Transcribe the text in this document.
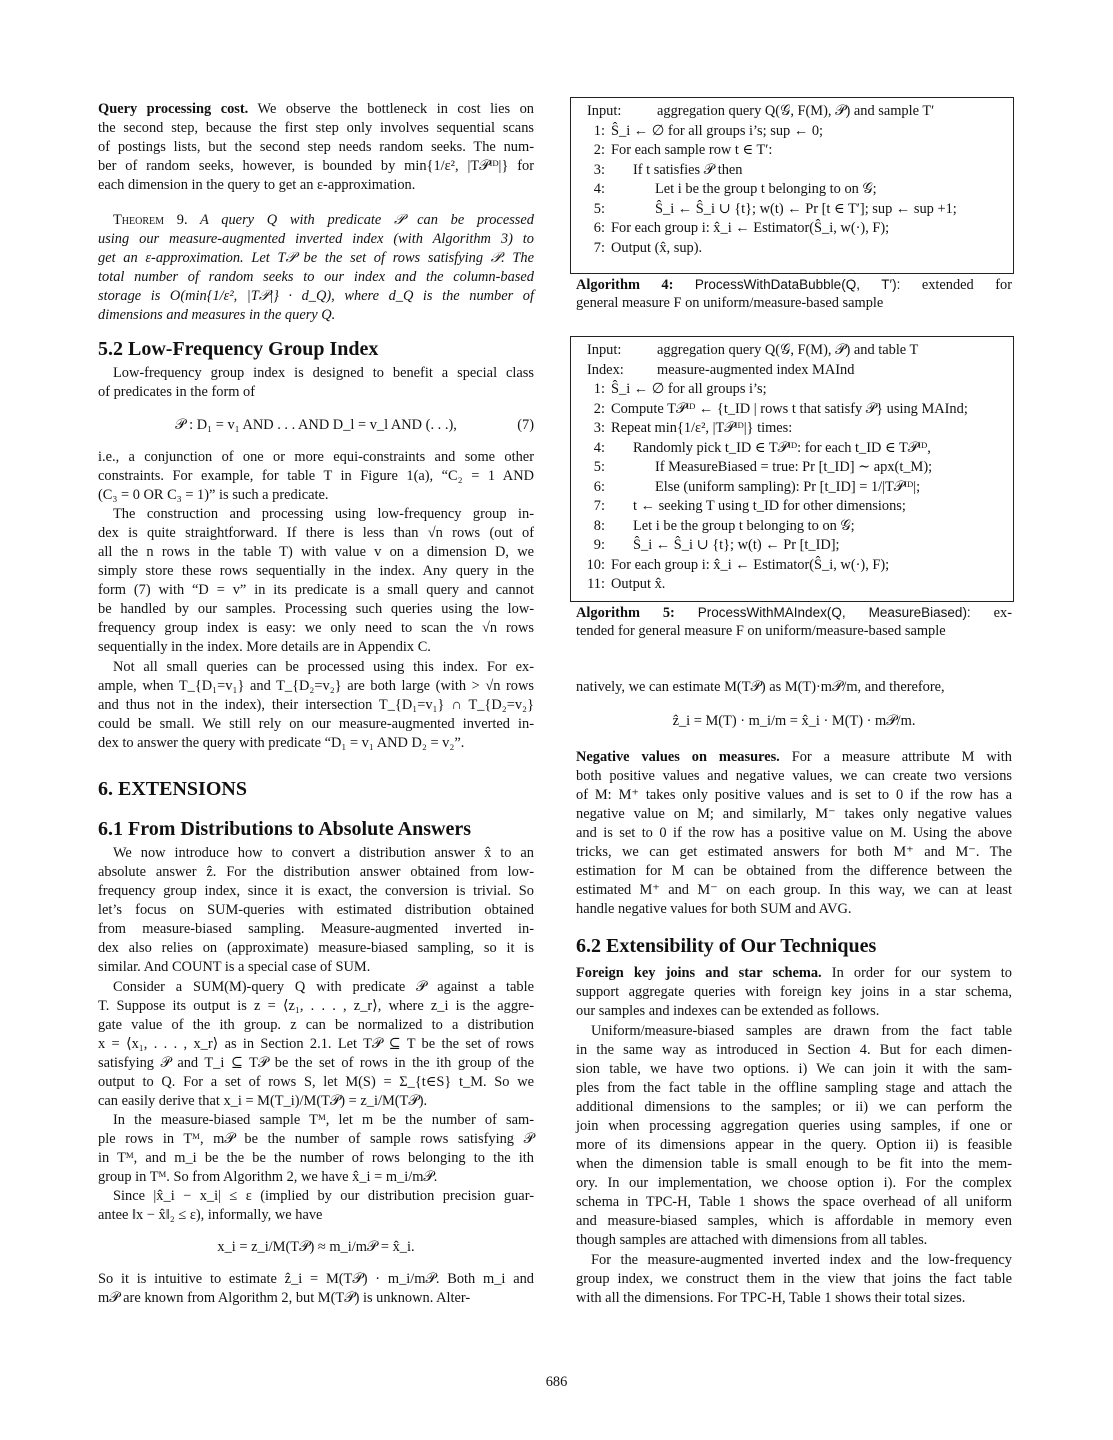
Query processing cost. We observe the bottleneck in cost lies on
the second step, because the first step only involves sequential scans
of postings lists, but the second step needs random seeks. The num-
ber of random seeks, however, is bounded by min{1/ε², |T𝒫ᴵᴰ|} for
each dimension in the query to get an ε-approximation.
Theorem 9. A query Q with predicate 𝒫 can be processed
using our measure-augmented inverted index (with Algorithm 3) to
get an ε-approximation. Let T𝒫 be the set of rows satisfying 𝒫. The
total number of random seeks to our index and the column-based
storage is O(min{1/ε², |T𝒫|} · d_Q), where d_Q is the number of
dimensions and measures in the query Q.
5.2 Low-Frequency Group Index
Low-frequency group index is designed to benefit a special class
of predicates in the form of
𝒫 : D₁ = v₁ AND . . . AND D_l = v_l AND (. . .),	(7)
i.e., a conjunction of one or more equi-constraints and some other
constraints. For example, for table T in Figure 1(a), “C₂ = 1 AND
(C₃ = 0 OR C₃ = 1)” is such a predicate.
The construction and processing using low-frequency group in-
dex is quite straightforward. If there is less than √n rows (out of
all the n rows in the table T) with value v on a dimension D, we
simply store these rows sequentially in the index. Any query in the
form (7) with “D = v” in its predicate is a small query and cannot
be handled by our samples. Processing such queries using the low-
frequency group index is easy: we only need to scan the √n rows
sequentially in the index. More details are in Appendix C.
Not all small queries can be processed using this index. For ex-
ample, when T_{D₁=v₁} and T_{D₂=v₂} are both large (with > √n rows
and thus not in the index), their intersection T_{D₁=v₁} ∩ T_{D₂=v₂}
could be small. We still rely on our measure-augmented inverted in-
dex to answer the query with predicate “D₁ = v₁ AND D₂ = v₂”.
6. EXTENSIONS
6.1 From Distributions to Absolute Answers
We now introduce how to convert a distribution answer x̂ to an
absolute answer ẑ. For the distribution answer obtained from low-
frequency group index, since it is exact, the conversion is trivial. So
let’s focus on SUM-queries with estimated distribution obtained
from measure-biased sampling. Measure-augmented inverted in-
dex also relies on (approximate) measure-biased sampling, so it is
similar. And COUNT is a special case of SUM.
Consider a SUM(M)-query Q with predicate 𝒫 against a table
T. Suppose its output is z = ⟨z₁, . . . , z_r⟩, where z_i is the aggre-
gate value of the ith group. z can be normalized to a distribution
x = ⟨x₁, . . . , x_r⟩ as in Section 2.1. Let T𝒫 ⊆ T be the set of rows
satisfying 𝒫 and T_i ⊆ T𝒫 be the set of rows in the ith group of the
output to Q. For a set of rows S, let M(S) = Σ_{t∈S} t_M. So we
can easily derive that x_i = M(T_i)/M(T𝒫) = z_i/M(T𝒫).
In the measure-biased sample Tᴹ, let m be the number of sam-
ple rows in Tᴹ, m𝒫 be the number of sample rows satisfying 𝒫
in Tᴹ, and m_i be the be the number of rows belonging to the ith
group in Tᴹ. So from Algorithm 2, we have x̂_i = m_i/m𝒫.
Since |x̂_i − x_i| ≤ ε (implied by our distribution precision guar-
antee ‖x − x̂‖₂ ≤ ε), informally, we have
x_i = z_i/M(T𝒫) ≈ m_i/m𝒫 = x̂_i.
So it is intuitive to estimate ẑ_i = M(T𝒫) · m_i/m𝒫. Both m_i and
m𝒫 are known from Algorithm 2, but M(T𝒫) is unknown. Alter-
Input: aggregation query Q(𝒢, F(M), 𝒫) and sample T′
1: Ŝ_i ← ∅ for all groups i’s; sup ← 0;
2: For each sample row t ∈ T′:
3: If t satisfies 𝒫 then
4:	Let i be the group t belonging to on 𝒢;
5:	Ŝ_i ← Ŝ_i ∪ {t}; w(t) ← Pr [t ∈ T′]; sup ← sup +1;
6: For each group i: x̂_i ← Estimator(Ŝ_i, w(·), F);
7: Output (x̂, sup).
Algorithm 4: ProcessWithDataBubble(Q, T′): extended for
general measure F on uniform/measure-based sample
Input: aggregation query Q(𝒢, F(M), 𝒫) and table T
Index: measure-augmented index MAInd
1: Ŝ_i ← ∅ for all groups i’s;
2: Compute T𝒫ᴵᴰ ← {t_ID | rows t that satisfy 𝒫} using MAInd;
3: Repeat min{1/ε², |T𝒫ᴵᴰ|} times:
4: Randomly pick t_ID ∈ T𝒫ᴵᴰ: for each t_ID ∈ T𝒫ᴵᴰ,
5:	If MeasureBiased = true: Pr [t_ID] ∼ apx(t_M);
6:	Else (uniform sampling): Pr [t_ID] = 1/|T𝒫ᴵᴰ|;
7: t ← seeking T using t_ID for other dimensions;
8: Let i be the group t belonging to on 𝒢;
9: Ŝ_i ← Ŝ_i ∪ {t}; w(t) ← Pr [t_ID];
10: For each group i: x̂_i ← Estimator(Ŝ_i, w(·), F);
11: Output x̂.
Algorithm 5: ProcessWithMAIndex(Q, MeasureBiased): ex-
tended for general measure F on uniform/measure-based sample
natively, we can estimate M(T𝒫) as M(T)·m𝒫/m, and therefore,
ẑ_i = M(T) · m_i/m = x̂_i · M(T) · m𝒫/m.
Negative values on measures. For a measure attribute M with
both positive values and negative values, we can create two versions
of M: M⁺ takes only positive values and is set to 0 if the row has a
negative value on M; and similarly, M⁻ takes only negative values
and is set to 0 if the row has a positive value on M. Using the above
tricks, we can get estimated answers for both M⁺ and M⁻. The
estimation for M can be obtained from the difference between the
estimated M⁺ and M⁻ on each group. In this way, we can at least
handle negative values for both SUM and AVG.
6.2 Extensibility of Our Techniques
Foreign key joins and star schema. In order for our system to
support aggregate queries with foreign key joins in a star schema,
our samples and indexes can be extended as follows.
Uniform/measure-biased samples are drawn from the fact table
in the same way as introduced in Section 4. But for each dimen-
sion table, we have two options. i) We can join it with the sam-
ples from the fact table in the offline sampling stage and attach the
additional dimensions to the samples; or ii) we can perform the
join when processing aggregation queries using samples, if one or
more of its dimensions appear in the query. Option ii) is feasible
when the dimension table is small enough to be fit into the mem-
ory. In our implementation, we choose option i). For the complex
schema in TPC-H, Table 1 shows the space overhead of all uniform
and measure-biased samples, which is affordable in memory even
though samples are attached with dimensions from all tables.
For the measure-augmented inverted index and the low-frequency
group index, we construct them in the view that joins the fact table
with all the dimensions. For TPC-H, Table 1 shows their total sizes.
686
